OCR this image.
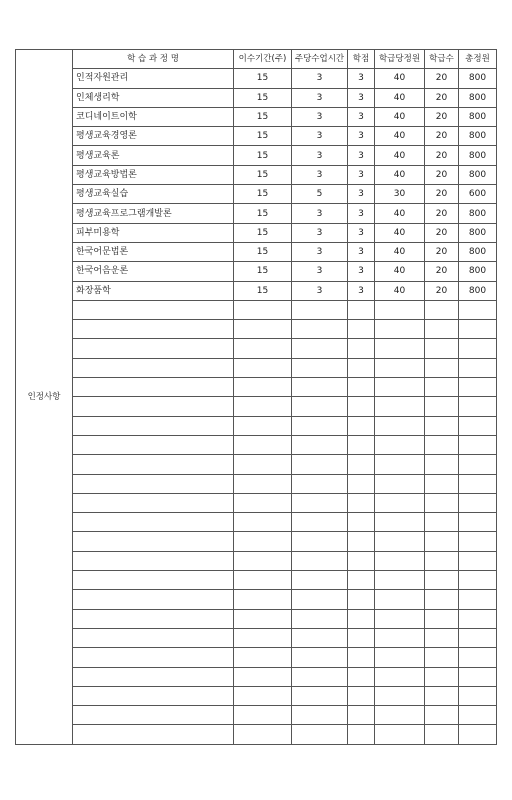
인정사항	학 습 과 정 명	이수기간(주)	주당수업시간	학점	학급당정원	학급수	총정원
	인적자원관리	15	3	3	40	20	800
	인체생리학	15	3	3	40	20	800
	코디네이트이학	15	3	3	40	20	800
	평생교육경영론	15	3	3	40	20	800
	평생교육론	15	3	3	40	20	800
	평생교육방법론	15	3	3	40	20	800
	평생교육실습	15	5	3	30	20	600
	평생교육프로그램개발론	15	3	3	40	20	800
	피부미용학	15	3	3	40	20	800
	한국어문법론	15	3	3	40	20	800
	한국어음운론	15	3	3	40	20	800
	화장품학	15	3	3	40	20	800
